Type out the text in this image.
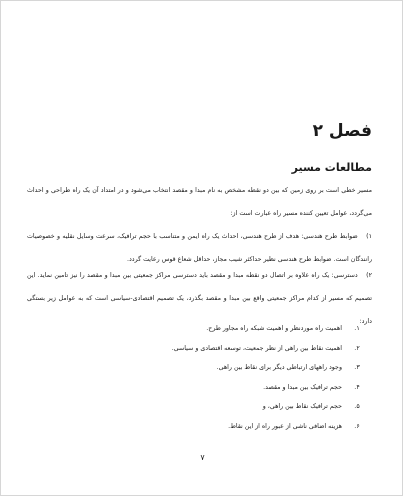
فصل ۲
مطالعات مسیر
مسیر خطی است بر روی زمین که بین دو نقطه مشخص به نام مبدا و مقصد انتخاب می‌شود و در امتداد آن یک راه طراحی و احداث می‌گردد، عوامل تعیین کننده مسیر راه عبارت است از:
۱) ضوابط طرح هندسی: هدف از طرح هندسی، احداث یک راه ایمن و متناسب با حجم ترافیک، سرعت وسایل نقلیه و خصوصیات رانندگان است. ضوابط طرح هندسی نظیر حداکثر شیب مجاز، حداقل شعاع قوس رعایت گردد.
۲) دسترسی: یک راه علاوه بر اتصال دو نقطه مبدا و مقصد باید دسترسی مراکز جمعیتی بین مبدا و مقصد را نیز تامین نماید. این تصمیم که مسیر از کدام مراکز جمعیتی واقع بین مبدا و مقصد بگذرد، یک تصمیم اقتصادی-سیاسی است که به عوامل زیر بستگی دارد:
۱.اهمیت راه موردنظر و اهمیت شبکه راه مجاور طرح.
۲.اهمیت نقاط بین راهی از نظر جمعیت، توسعه اقتصادی و سیاسی.
۳.وجود راههای ارتباطی دیگر برای نقاط بین راهی.
۴.حجم ترافیک بین مبدا و مقصد.
۵.حجم ترافیک نقاط بین راهی، و
۶.هزینه اضافی ناشی از عبور راه از این نقاط.
۷
